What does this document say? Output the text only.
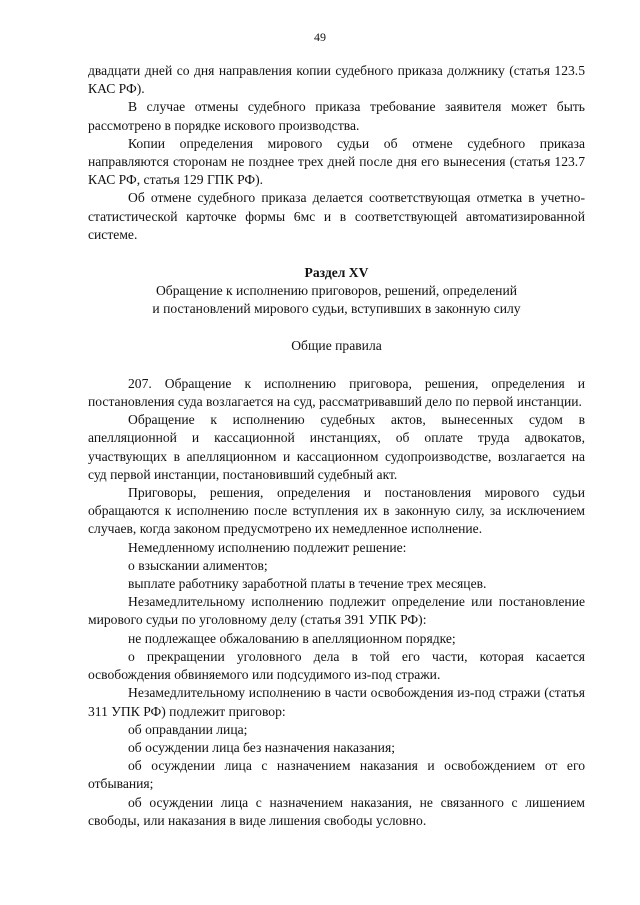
49

двадцати дней со дня направления копии судебного приказа должнику (статья 123.5 КАС РФ).

В случае отмены судебного приказа требование заявителя может быть рассмотрено в порядке искового производства.

Копии определения мирового судьи об отмене судебного приказа направляются сторонам не позднее трех дней после дня его вынесения (статья 123.7 КАС РФ, статья 129 ГПК РФ).

Об отмене судебного приказа делается соответствующая отметка в учетно-статистической карточке формы 6мс и в соответствующей автоматизированной системе.

Раздел XV

Обращение к исполнению приговоров, решений, определений

и постановлений мирового судьи, вступивших в законную силу

Общие правила

207. Обращение к исполнению приговора, решения, определения и постановления суда возлагается на суд, рассматривавший дело по первой инстанции.

Обращение к исполнению судебных актов, вынесенных судом в апелляционной и кассационной инстанциях, об оплате труда адвокатов, участвующих в апелляционном и кассационном судопроизводстве, возлагается на суд первой инстанции, постановивший судебный акт.

Приговоры, решения, определения и постановления мирового судьи обращаются к исполнению после вступления их в законную силу, за исключением случаев, когда законом предусмотрено их немедленное исполнение.

Немедленному исполнению подлежит решение:

о взыскании алиментов;

выплате работнику заработной платы в течение трех месяцев.

Незамедлительному исполнению подлежит определение или постановление мирового судьи по уголовному делу (статья 391 УПК РФ):

не подлежащее обжалованию в апелляционном порядке;

о прекращении уголовного дела в той его части, которая касается освобождения обвиняемого или подсудимого из-под стражи.

Незамедлительному исполнению в части освобождения из-под стражи (статья 311 УПК РФ) подлежит приговор:

об оправдании лица;

об осуждении лица без назначения наказания;

об осуждении лица с назначением наказания и освобождением от его отбывания;

об осуждении лица с назначением наказания, не связанного с лишением свободы, или наказания в виде лишения свободы условно.
